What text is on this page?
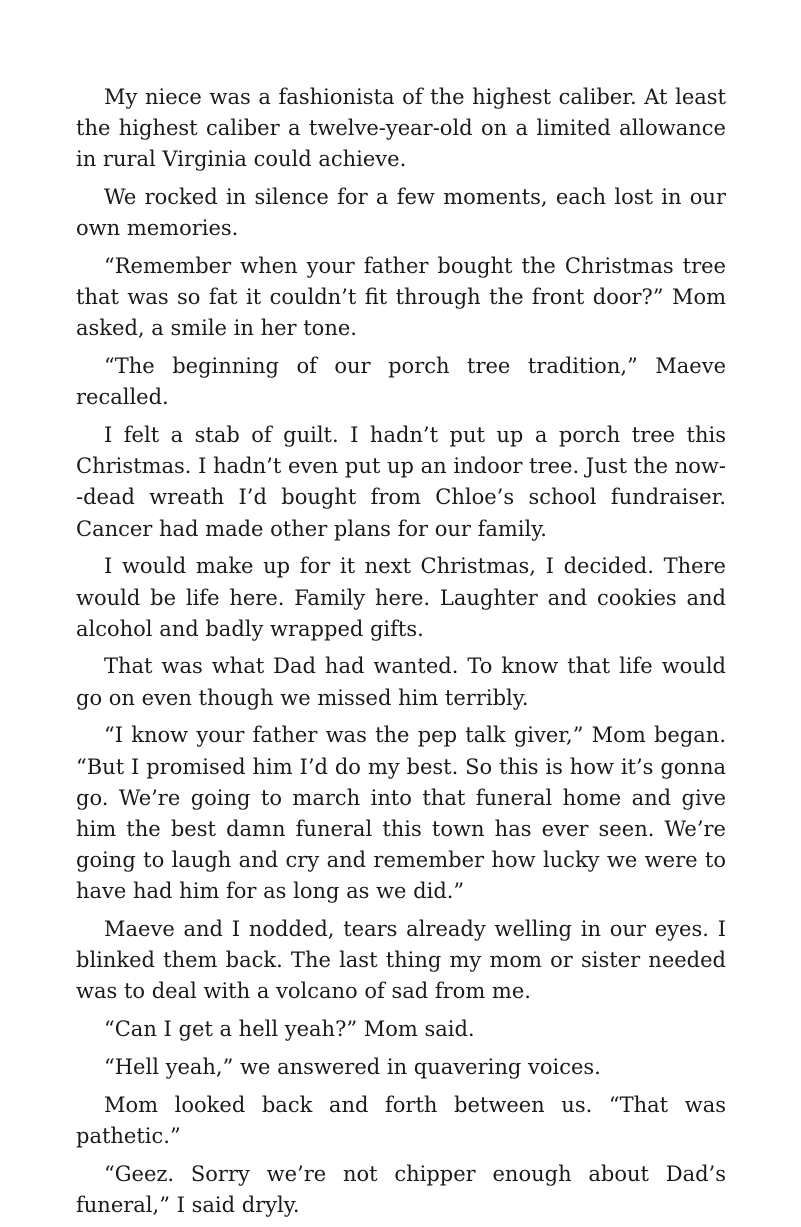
My niece was a fashionista of the highest caliber. At least the highest caliber a twelve-year-old on a limited allowance in rural Virginia could achieve.

We rocked in silence for a few moments, each lost in our own memories.

“Remember when your father bought the Christmas tree that was so fat it couldn’t fit through the front door?” Mom asked, a smile in her tone.

“The beginning of our porch tree tradition,” Maeve recalled.

I felt a stab of guilt. I hadn’t put up a porch tree this Christmas. I hadn’t even put up an indoor tree. Just the now--dead wreath I’d bought from Chloe’s school fundraiser. Cancer had made other plans for our family.

I would make up for it next Christmas, I decided. There would be life here. Family here. Laughter and cookies and alcohol and badly wrapped gifts.

That was what Dad had wanted. To know that life would go on even though we missed him terribly.

“I know your father was the pep talk giver,” Mom began. “But I promised him I’d do my best. So this is how it’s gonna go. We’re going to march into that funeral home and give him the best damn funeral this town has ever seen. We’re going to laugh and cry and remember how lucky we were to have had him for as long as we did.”

Maeve and I nodded, tears already welling in our eyes. I blinked them back. The last thing my mom or sister needed was to deal with a volcano of sad from me.

“Can I get a hell yeah?” Mom said.

“Hell yeah,” we answered in quavering voices.

Mom looked back and forth between us. “That was pathetic.”

“Geez. Sorry we’re not chipper enough about Dad’s funeral,” I said dryly.
